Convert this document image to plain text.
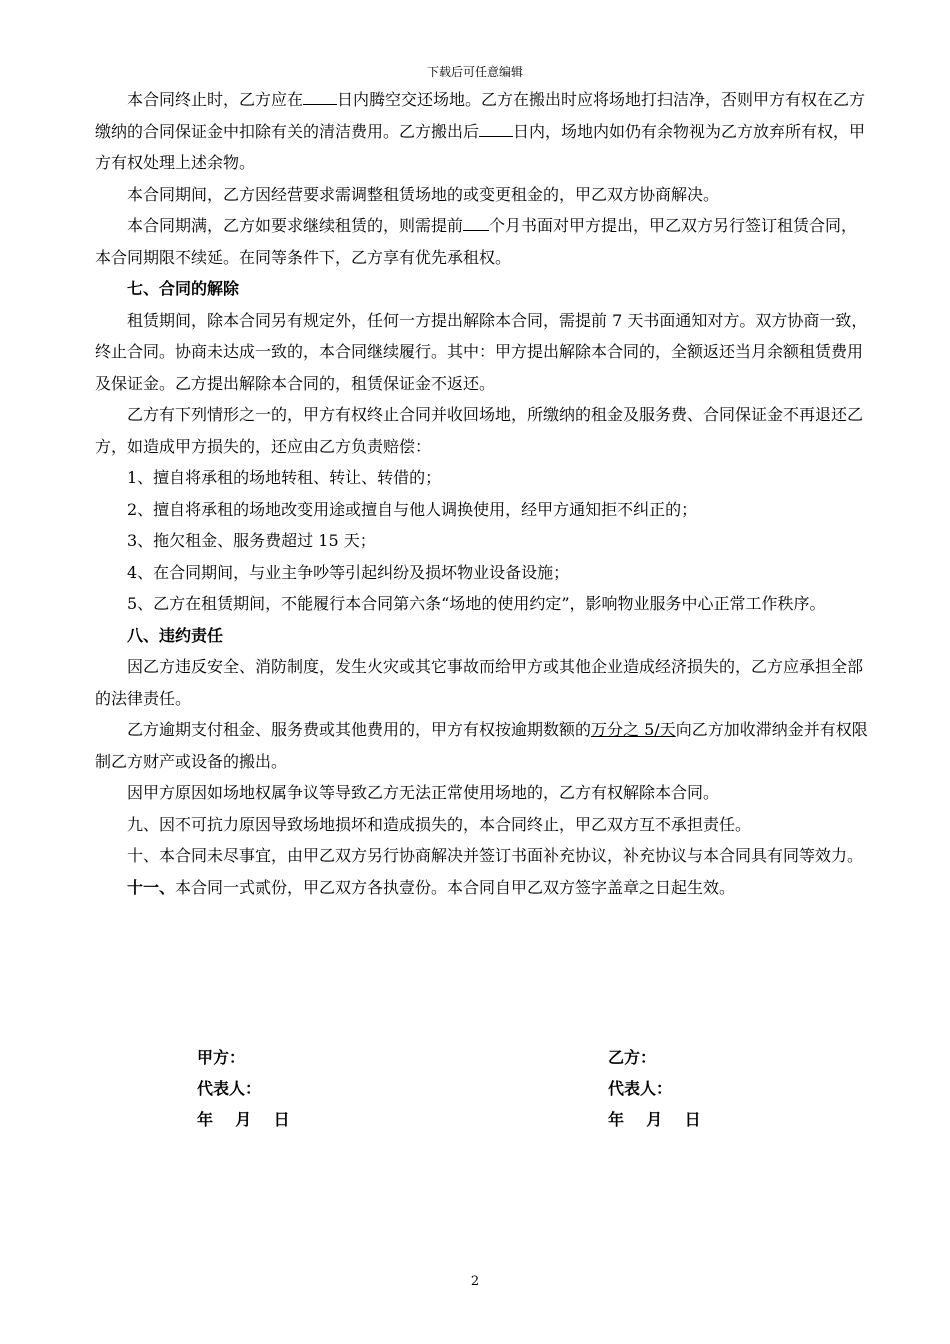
下载后可任意编辑

本合同终止时，乙方应在 日内腾空交还场地。乙方在搬出时应将场地打扫洁净，否则甲方有权在乙方缴纳的合同保证金中扣除有关的清洁费用。乙方搬出后 日内，场地内如仍有余物视为乙方放弃所有权，甲方有权处理上述余物。

本合同期间，乙方因经营要求需调整租赁场地的或变更租金的，甲乙双方协商解决。

本合同期满，乙方如要求继续租赁的，则需提前 个月书面对甲方提出，甲乙双方另行签订租赁合同，本合同期限不续延。在同等条件下，乙方享有优先承租权。

七、合同的解除

租赁期间，除本合同另有规定外，任何一方提出解除本合同，需提前 7 天书面通知对方。双方协商一致，终止合同。协商未达成一致的，本合同继续履行。其中：甲方提出解除本合同的，全额返还当月余额租赁费用及保证金。乙方提出解除本合同的，租赁保证金不返还。

乙方有下列情形之一的，甲方有权终止合同并收回场地，所缴纳的租金及服务费、合同保证金不再退还乙方，如造成甲方损失的，还应由乙方负责赔偿：

1、擅自将承租的场地转租、转让、转借的；

2、擅自将承租的场地改变用途或擅自与他人调换使用，经甲方通知拒不纠正的；

3、拖欠租金、服务费超过 15 天；

4、在合同期间，与业主争吵等引起纠纷及损坏物业设备设施；

5、乙方在租赁期间，不能履行本合同第六条“场地的使用约定”，影响物业服务中心正常工作秩序。

八、违约责任

因乙方违反安全、消防制度，发生火灾或其它事故而给甲方或其他企业造成经济损失的，乙方应承担全部的法律责任。

乙方逾期支付租金、服务费或其他费用的，甲方有权按逾期数额的万分之 5/天向乙方加收滞纳金并有权限制乙方财产或设备的搬出。

因甲方原因如场地权属争议等导致乙方无法正常使用场地的，乙方有权解除本合同。

九、因不可抗力原因导致场地损坏和造成损失的，本合同终止，甲乙双方互不承担责任。

十、本合同未尽事宜，由甲乙双方另行协商解决并签订书面补充协议，补充协议与本合同具有同等效力。

十一、本合同一式贰份，甲乙双方各执壹份。本合同自甲乙双方签字盖章之日起生效。

甲方：
代表人：
年    月    日
乙方：
代表人：
年    月    日
2
